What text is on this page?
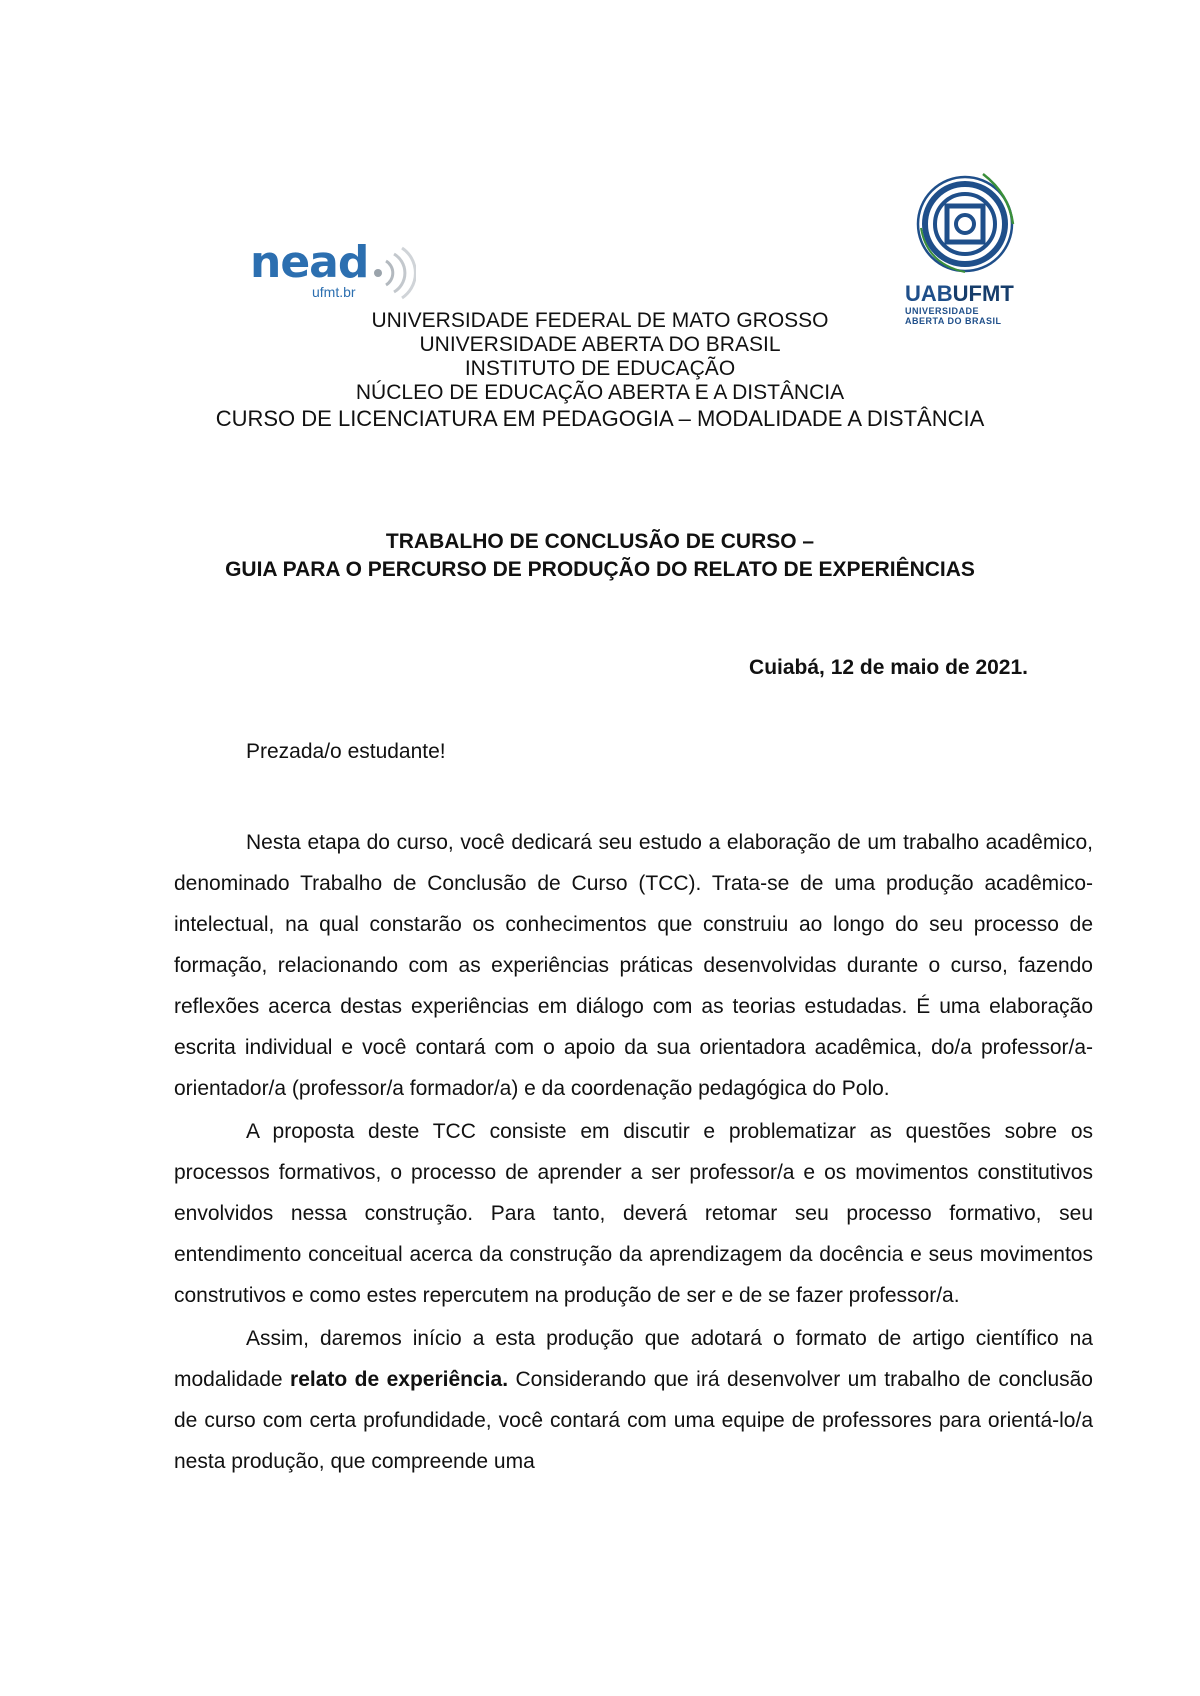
nead
ufmt.br	UABUFMT
UNIVERSIDADE
ABERTA DO BRASIL
UNIVERSIDADE FEDERAL DE MATO GROSSO
UNIVERSIDADE ABERTA DO BRASIL
INSTITUTO DE EDUCAÇÃO
NÚCLEO DE EDUCAÇÃO ABERTA E A DISTÂNCIA
CURSO DE LICENCIATURA EM PEDAGOGIA – MODALIDADE A DISTÂNCIA
TRABALHO DE CONCLUSÃO DE CURSO –
GUIA PARA O PERCURSO DE PRODUÇÃO DO RELATO DE EXPERIÊNCIAS
Cuiabá, 12 de maio de 2021.
Prezada/o estudante!

Nesta etapa do curso, você dedicará seu estudo a elaboração de um trabalho acadêmico, denominado Trabalho de Conclusão de Curso (TCC). Trata-se de uma produção acadêmico-intelectual, na qual constarão os conhecimentos que construiu ao longo do seu processo de formação, relacionando com as experiências práticas desenvolvidas durante o curso, fazendo reflexões acerca destas experiências em diálogo com as teorias estudadas. É uma elaboração escrita individual e você contará com o apoio da sua orientadora acadêmica, do/a professor/a-orientador/a (professor/a formador/a) e da coordenação pedagógica do Polo.

A proposta deste TCC consiste em discutir e problematizar as questões sobre os processos formativos, o processo de aprender a ser professor/a e os movimentos constitutivos envolvidos nessa construção. Para tanto, deverá retomar seu processo formativo, seu entendimento conceitual acerca da construção da aprendizagem da docência e seus movimentos construtivos e como estes repercutem na produção de ser e de se fazer professor/a.

Assim, daremos início a esta produção que adotará o formato de artigo científico na modalidade relato de experiência. Considerando que irá desenvolver um trabalho de conclusão de curso com certa profundidade, você contará com uma equipe de professores para orientá-lo/a nesta produção, que compreende uma
